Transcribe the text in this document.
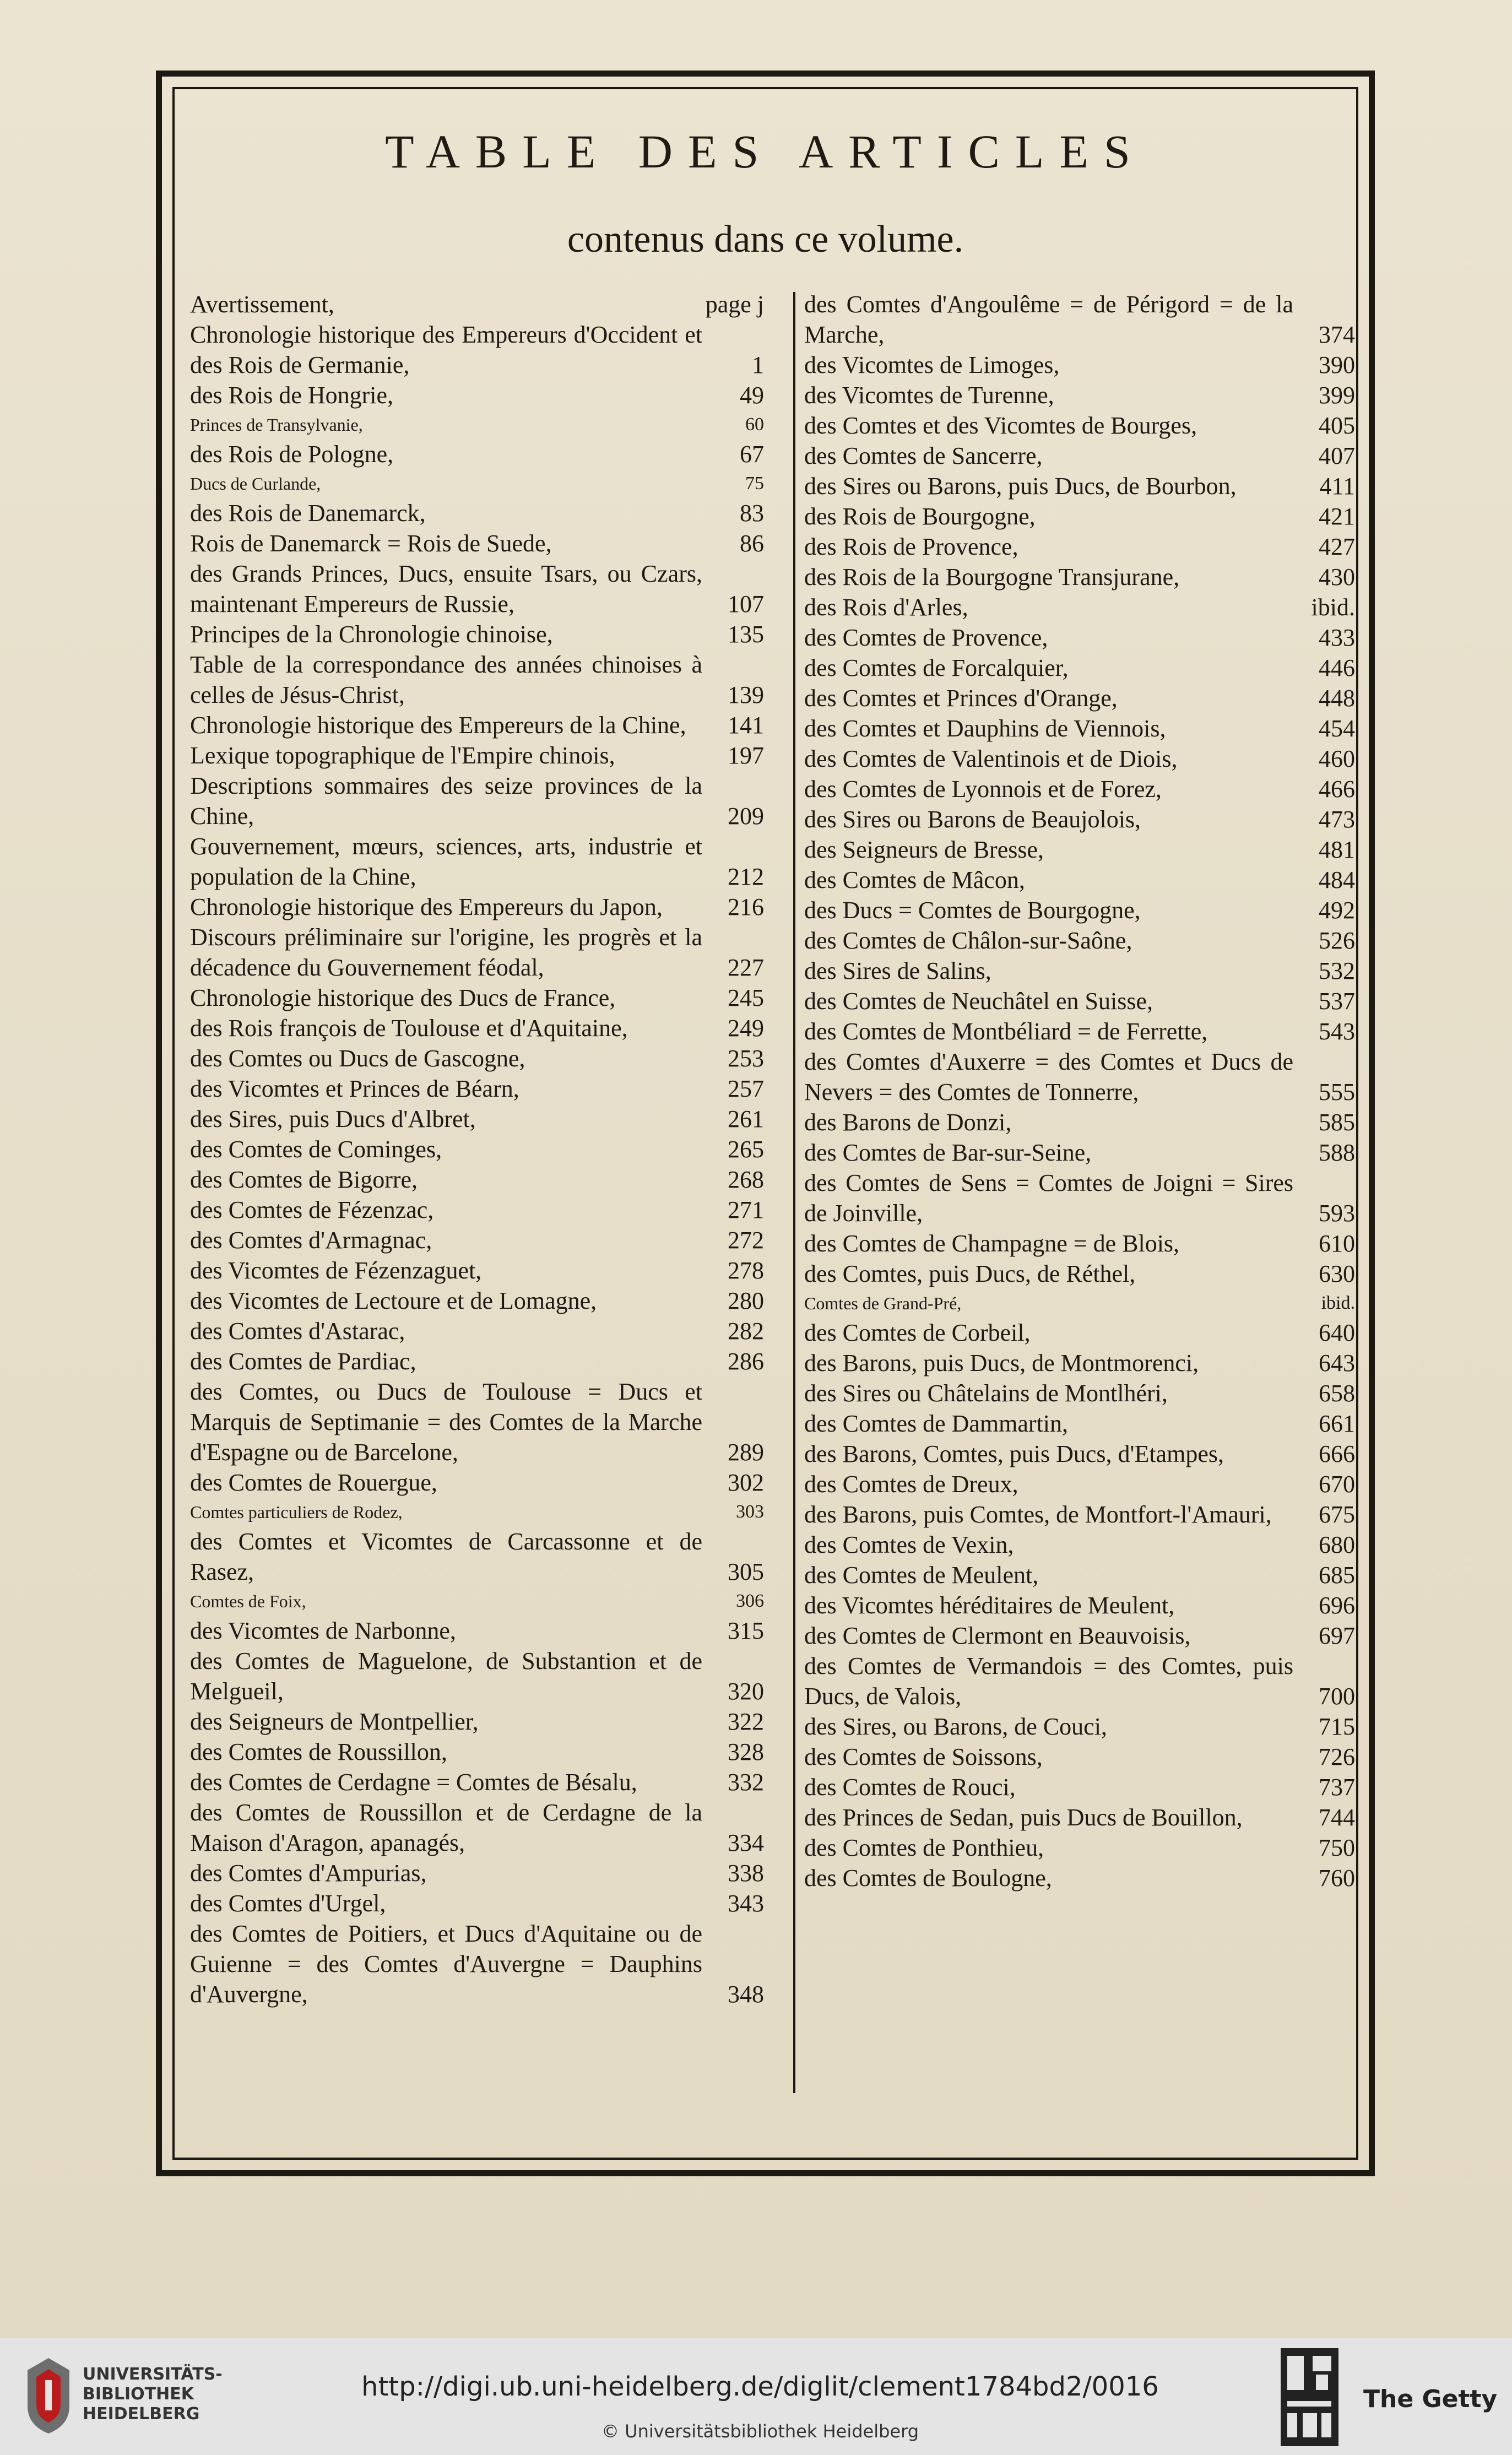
TABLE DES ARTICLES
contenus dans ce volume.
Avertissement,	page j
Chronologie historique des Empereurs d'Occident et des Rois de Germanie,	1
des Rois de Hongrie,	49
Princes de Transylvanie,	60
des Rois de Pologne,	67
Ducs de Curlande,	75
des Rois de Danemarck,	83
Rois de Danemarck = Rois de Suede,	86
des Grands Princes, Ducs, ensuite Tsars, ou Czars, maintenant Empereurs de Russie,	107
Principes de la Chronologie chinoise,	135
Table de la correspondance des années chinoises à celles de Jésus-Christ,	139
Chronologie historique des Empereurs de la Chine, 141
Lexique topographique de l'Empire chinois,	197
Descriptions sommaires des seize provinces de la Chine,	209
Gouvernement, mœurs, sciences, arts, industrie et population de la Chine,	212
Chronologie historique des Empereurs du Japon,	216
Discours préliminaire sur l'origine, les progrès et la décadence du Gouvernement féodal,	227
Chronologie historique des Ducs de France,	245
des Rois françois de Toulouse et d'Aquitaine,	249
des Comtes ou Ducs de Gascogne,	253
des Vicomtes et Princes de Béarn,	257
des Sires, puis Ducs d'Albret,	261
des Comtes de Cominges,	265
des Comtes de Bigorre,	268
des Comtes de Fézenzac,	271
des Comtes d'Armagnac,	272
des Vicomtes de Fézenzaguet,	278
des Vicomtes de Lectoure et de Lomagne,	280
des Comtes d'Astarac,	282
des Comtes de Pardiac,	286
des Comtes, ou Ducs de Toulouse = Ducs et Marquis de Septimanie = des Comtes de la Marche d'Espagne ou de Barcelone,	289
des Comtes de Rouergue,	302
Comtes particuliers de Rodez,	303
des Comtes et Vicomtes de Carcassonne et de Rasez,	305
Comtes de Foix,	306
des Vicomtes de Narbonne,	315
des Comtes de Maguelone, de Substantion et de Melgueil,	320
des Seigneurs de Montpellier,	322
des Comtes de Roussillon,	328
des Comtes de Cerdagne = Comtes de Bésalu,	332
des Comtes de Roussillon et de Cerdagne de la Maison d'Aragon, apanagés,	334
des Comtes d'Ampurias,	338
des Comtes d'Urgel,	343
des Comtes de Poitiers, et Ducs d'Aquitaine ou de Guienne = des Comtes d'Auvergne = Dauphins d'Auvergne,	348
des Comtes d'Angoulême = de Périgord = de la Marche,	374
des Vicomtes de Limoges,	390
des Vicomtes de Turenne,	399
des Comtes et des Vicomtes de Bourges,	405
des Comtes de Sancerre,	407
des Sires ou Barons, puis Ducs, de Bourbon,	411
des Rois de Bourgogne,	421
des Rois de Provence,	427
des Rois de la Bourgogne Transjurane,	430
des Rois d'Arles,	ibid.
des Comtes de Provence,	433
des Comtes de Forcalquier,	446
des Comtes et Princes d'Orange,	448
des Comtes et Dauphins de Viennois,	454
des Comtes de Valentinois et de Diois,	460
des Comtes de Lyonnois et de Forez,	466
des Sires ou Barons de Beaujolois,	473
des Seigneurs de Bresse,	481
des Comtes de Mâcon,	484
des Ducs = Comtes de Bourgogne,	492
des Comtes de Châlon-sur-Saône,	526
des Sires de Salins,	532
des Comtes de Neuchâtel en Suisse,	537
des Comtes de Montbéliard = de Ferrette,	543
des Comtes d'Auxerre = des Comtes et Ducs de Nevers = des Comtes de Tonnerre,	555
des Barons de Donzi,	585
des Comtes de Bar-sur-Seine,	588
des Comtes de Sens = Comtes de Joigni = Sires de Joinville,	593
des Comtes de Champagne = de Blois,	610
des Comtes, puis Ducs, de Réthel,	630
Comtes de Grand-Pré,	ibid.
des Comtes de Corbeil,	640
des Barons, puis Ducs, de Montmorenci,	643
des Sires ou Châtelains de Montlhéri,	658
des Comtes de Dammartin,	661
des Barons, Comtes, puis Ducs, d'Etampes,	666
des Comtes de Dreux,	670
des Barons, puis Comtes, de Montfort-l'Amauri, 675
des Comtes de Vexin,	680
des Comtes de Meulent,	685
des Vicomtes héréditaires de Meulent,	696
des Comtes de Clermont en Beauvoisis,	697
des Comtes de Vermandois = des Comtes, puis Ducs, de Valois,	700
des Sires, ou Barons, de Couci,	715
des Comtes de Soissons,	726
des Comtes de Rouci,	737
des Princes de Sedan, puis Ducs de Bouillon,	744
des Comtes de Ponthieu,	750
des Comtes de Boulogne,	760
UNIVERSITÄTS-
BIBLIOTHEK
HEIDELBERG
http://digi.ub.uni-heidelberg.de/diglit/clement1784bd2/0016
© Universitätsbibliothek Heidelberg
The Getty
